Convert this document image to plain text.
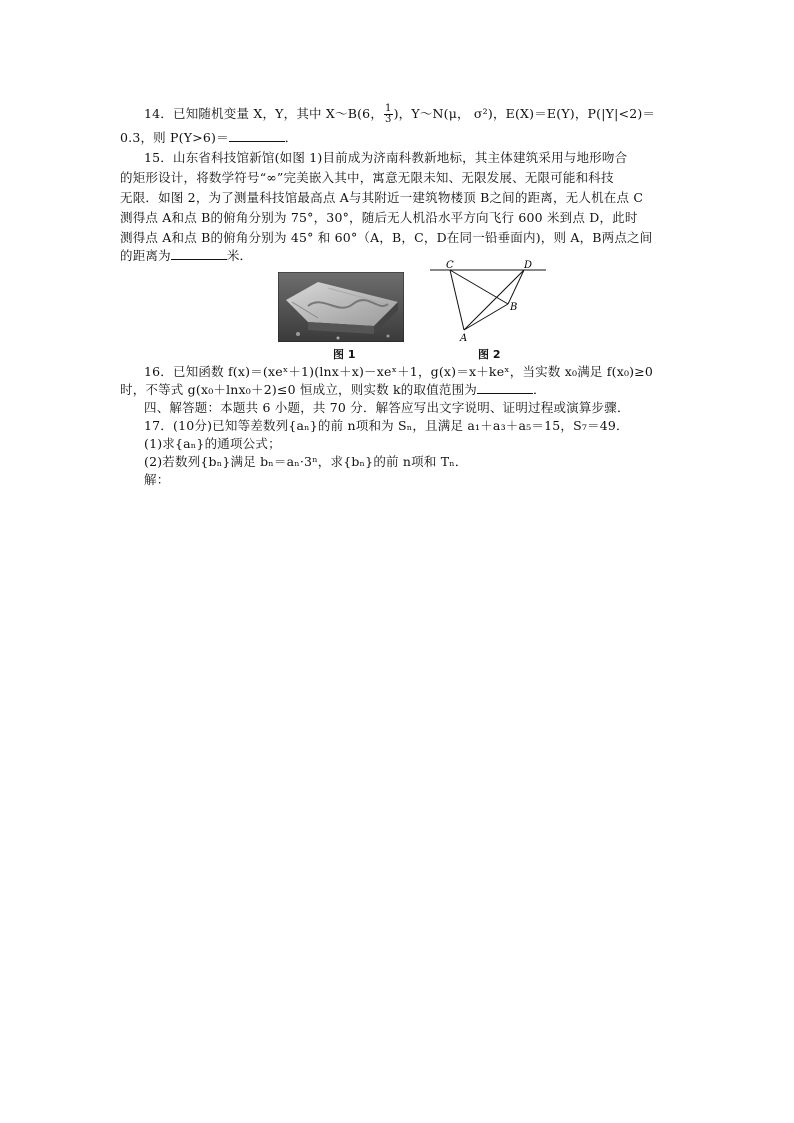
14．已知随机变量 X，Y，其中 X～B(6， $\frac{1}{3}$ )，Y～N(μ， σ²)，E(X)＝E(Y)，P(|Y|<2)＝
0.3，则 P(Y>6)＝	．
15．山东省科技馆新馆(如图 1)目前成为济南科教新地标，其主体建筑采用与地形吻合
的矩形设计，将数学符号“∞”完美嵌入其中，寓意无限未知、无限发展、无限可能和科技
无限．如图 2，为了测量科技馆最高点 A与其附近一建筑物楼顶 B之间的距离，无人机在点 C
测得点 A和点 B的俯角分别为 75°，30°，随后无人机沿水平方向飞行 600 米到点 D，此时
测得点 A和点 B的俯角分别为 45° 和 60°（A，B，C，D在同一铅垂面内)，则 A，B两点之间
的距离为	米．
图 1
C	D
B
A
图 2
16．已知函数 f(x)＝(xeˣ＋1)(lnx＋x)－xeˣ＋1，g(x)＝x＋keˣ，当实数 x₀满足 f(x₀)≥0
时，不等式 g(x₀＋lnx₀＋2)≤0 恒成立，则实数 k的取值范围为	．
四、解答题：本题共 6 小题，共 70 分．解答应写出文字说明、证明过程或演算步骤．
17．(10分)已知等差数列{aₙ}的前 n项和为 Sₙ，且满足 a₁＋a₃＋a₅＝15，S₇＝49．
(1)求{aₙ}的通项公式；
(2)若数列{bₙ}满足 bₙ＝aₙ·3ⁿ，求{bₙ}的前 n项和 Tₙ．
解：
